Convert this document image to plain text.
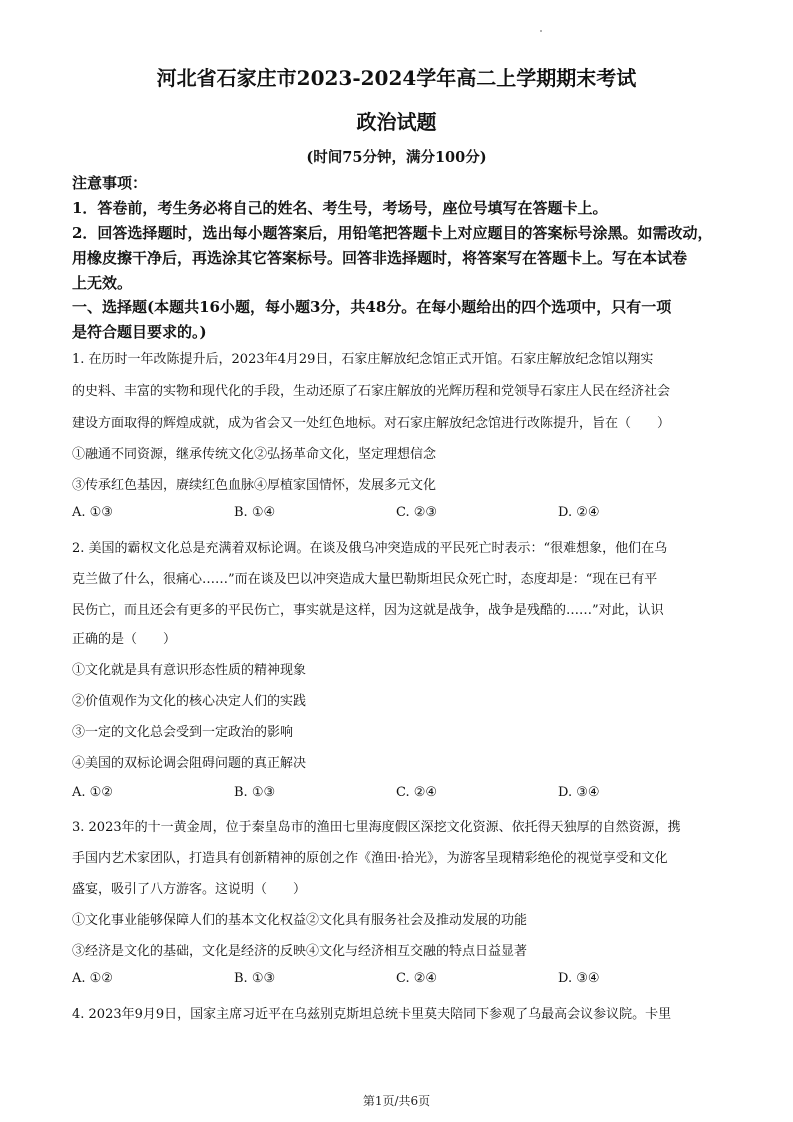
河北省石家庄市2023-2024学年高二上学期期末考试
政治试题
(时间75分钟，满分100分)
注意事项：
1．答卷前，考生务必将自己的姓名、考生号，考场号，座位号填写在答题卡上。
2．回答选择题时，选出每小题答案后，用铅笔把答题卡上对应题目的答案标号涂黑。如需改动，
用橡皮擦干净后，再选涂其它答案标号。回答非选择题时，将答案写在答题卡上。写在本试卷
上无效。
一、选择题(本题共16小题，每小题3分，共48分。在每小题给出的四个选项中，只有一项
是符合题目要求的。)
1. 在历时一年改陈提升后，2023年4月29日，石家庄解放纪念馆正式开馆。石家庄解放纪念馆以翔实
的史料、丰富的实物和现代化的手段，生动还原了石家庄解放的光辉历程和党领导石家庄人民在经济社会
建设方面取得的辉煌成就，成为省会又一处红色地标。对石家庄解放纪念馆进行改陈提升，旨在（　　）
①融通不同资源，继承传统文化②弘扬革命文化，坚定理想信念
③传承红色基因，赓续红色血脉④厚植家国情怀，发展多元文化
A. ①③	B. ①④	C. ②③	D. ②④
2. 美国的霸权文化总是充满着双标论调。在谈及俄乌冲突造成的平民死亡时表示：“很难想象，他们在乌
克兰做了什么，很痛心……”而在谈及巴以冲突造成大量巴勒斯坦民众死亡时，态度却是：“现在已有平
民伤亡，而且还会有更多的平民伤亡，事实就是这样，因为这就是战争，战争是残酷的……”对此，认识
正确的是（　　）
①文化就是具有意识形态性质的精神现象
②价值观作为文化的核心决定人们的实践
③一定的文化总会受到一定政治的影响
④美国的双标论调会阻碍问题的真正解决
A. ①②	B. ①③	C. ②④	D. ③④
3. 2023年的十一黄金周，位于秦皇岛市的渔田七里海度假区深挖文化资源、依托得天独厚的自然资源，携
手国内艺术家团队，打造具有创新精神的原创之作《渔田·拾光》，为游客呈现精彩绝伦的视觉享受和文化
盛宴，吸引了八方游客。这说明（　　）
①文化事业能够保障人们的基本文化权益②文化具有服务社会及推动发展的功能
③经济是文化的基础，文化是经济的反映④文化与经济相互交融的特点日益显著
A. ①②	B. ①③	C. ②④	D. ③④
4. 2023年9月9日，国家主席习近平在乌兹别克斯坦总统卡里莫夫陪同下参观了乌最高会议参议院。卡里
第1页/共6页
